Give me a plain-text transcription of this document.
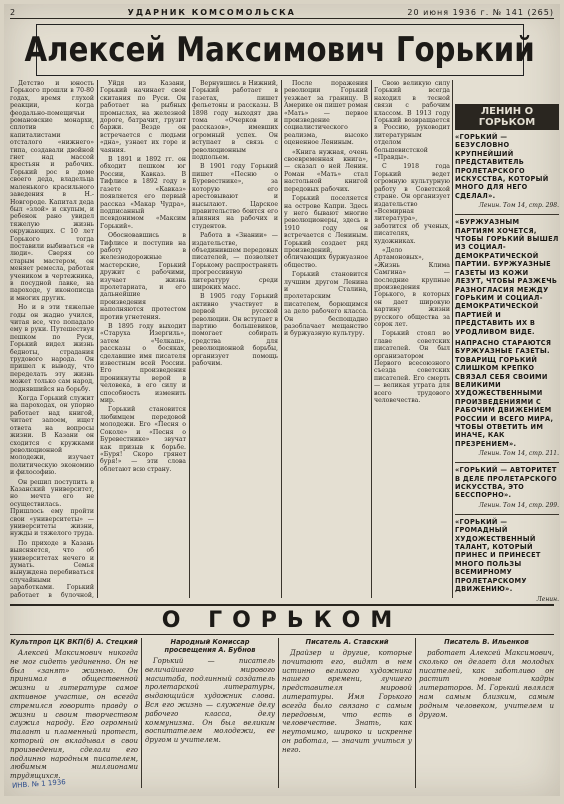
2	УДАРНИК КОМСОМОЛЬСКА	20 июня 1936 г. № 141 (265)
Алексей Максимович Горький

Детство и юность Горького прошли в 70-80 годах, время глухой реакции, когда феодально-помещичьи романовские монархи, сплотив с капиталистами отсталого «нижнего» типа, создавали двойной гнет над массой крестьян и рабочих. Горький рос в доме своего деда, владельца маленького красильного заведения в Н.-Новгороде. Капитал деда был «злой» и скупым, и ребенок рано увидел тяжелую жизнь окружающих. С 10 лет Горького тогда поставили выбиваться «в люди». Сверяя со старым мастером, он меняет ремесла, работая учеником в чертежника, в посудной лавке, на пароходе, у иконописца и многих других.

Но и в эти тяжелые годы он жадно учился, читая все, что попадало ему в руки. Путешествуя пешком по Руси, Горький видел жизнь бедноты, страдания трудового народа. Он пришел к выводу, что переделать эту жизнь может только сам народ, поднявшийся на борьбу.

Когда Горький служит на пароходах, он упорно работает над книгой, читает запоем, ищет ответа на вопросы жизни. В Казани он сходится с кружками революционной молодежи, изучает политическую экономию и философию.

Он решил поступить в Казанский университет, но мечта его не осуществилась. Пришлось ему пройти свои «университеты» — университеты жизни, нужды и тяжелого труда.

По приходе в Казань выясняется, что об университетах нечего и думать. Семья вынуждена перебиваться случайными заработками. Горький работает в булочной,

Уйдя из Казани, Горький начинает свои скитания по Руси. Он работает на рыбных промыслах, на железной дороге, батрачит, грузит баржи. Везде он встречается с людьми «дна», узнает их горе и чаяния.

В 1891 и 1892 гг. он обходит пешком юг России, Кавказ. В Тифлисе в 1892 году в газете «Кавказ» появляется его первый рассказ «Макар Чудра», подписанный псевдонимом «Максим Горький».

Обосновавшись в Тифлисе и поступив на работу в железнодорожные мастерские, Горький дружит с рабочими, изучает жизнь пролетариата, и его дальнейшие произведения наполняются протестом против угнетения.

В 1895 году выходит «Старуха Изергиль», затем «Челкаш», рассказы о босяках, сделавшие имя писателя известным всей России. Его произведения проникнуты верой в человека, в его силу и способность изменить мир.

Горький становится любимцем передовой молодежи. Его «Песня о Соколе» и «Песня о Буревестнике» звучат как призыв к борьбе. «Буря! Скоро грянет буря!» — эти слова облетают всю страну.

Вернувшись в Нижний, Горький работает в газетах, пишет фельетоны и рассказы. В 1898 году выходят два тома «Очерков и рассказов», имевших огромный успех. Он вступает в связь с революционным подпольем.

В 1901 году Горький пишет «Песню о Буревестнике», за которую его арестовывают и высылают. Царское правительство боится его влияния на рабочих и студентов.

Работа в «Знании» — издательстве, объединившем передовых писателей, — позволяет Горькому распространять прогрессивную литературу среди широких масс.

В 1905 году Горький активно участвует в первой русской революции. Он вступает в партию большевиков, помогает собирать средства для революционной борьбы, организует помощь рабочим.

После поражения революции Горький уезжает за границу. В Америке он пишет роман «Мать» — первое произведение социалистического реализма, высоко оцененное Лениным.

«Книга нужная, очень своевременная книга», — сказал о ней Ленин. Роман «Мать» стал настольной книгой передовых рабочих.

Горький поселяется на острове Капри. Здесь у него бывают многие революционеры, здесь в 1910 году он встречается с Лениным. Горький создает ряд произведений, обличающих буржуазное общество.

Горький становится лучшим другом Ленина и Сталина, пролетарским писателем, борющимся за дело рабочего класса. Он беспощадно разоблачает мещанство и буржуазную культуру.

Свою великую силу Горький всегда находил в тесной связи с рабочим классом. В 1913 году Горький возвращается в Россию, руководит литературным отделом большевистской «Правды».

С 1918 года Горький ведет огромную культурную работу в Советской стране. Он организует издательство «Всемирная литература», заботится об ученых, писателях, художниках.

«Дело Артамоновых», «Жизнь Клима Самгина» — последние крупные произведения Горького, в которых он дает широкую картину жизни русского общества за сорок лет.

Горький стоял во главе советских писателей. Он был организатором Первого всесоюзного съезда советских писателей. Его смерть — великая утрата для всего трудового человечества.

ЛЕНИН О ГОРЬКОМ
«ГОРЬКИЙ — БЕЗУСЛОВНО КРУПНЕЙШИЙ ПРЕДСТАВИТЕЛЬ ПРОЛЕТАРСКОГО ИСКУССТВА, КОТОРЫЙ МНОГО ДЛЯ НЕГО СДЕЛАЛ».
Ленин. Том 14, стр. 298.
«БУРЖУАЗНЫМ ПАРТИЯМ ХОЧЕТСЯ, ЧТОБЫ ГОРЬКИЙ ВЫШЕЛ ИЗ СОЦИАЛ-ДЕМОКРАТИЧЕСКОЙ ПАРТИИ. БУРЖУАЗНЫЕ ГАЗЕТЫ ИЗ КОЖИ ЛЕЗУТ, ЧТОБЫ РАЗЖЕЧЬ РАЗНОГЛАСИЯ МЕЖДУ ГОРЬКИМ И СОЦИАЛ-ДЕМОКРАТИЧЕСКОЙ ПАРТИЕЙ И ПРЕДСТАВИТЬ ИХ В УРОДЛИВОМ ВИДЕ.
НАПРАСНО СТАРАЮТСЯ БУРЖУАЗНЫЕ ГАЗЕТЫ. ТОВАРИЩ ГОРЬКИЙ СЛИШКОМ КРЕПКО СВЯЗАЛ СЕБЯ СВОИМИ ВЕЛИКИМИ ХУДОЖЕСТВЕННЫМИ ПРОИЗВЕДЕНИЯМИ С РАБОЧИМ ДВИЖЕНИЕМ РОССИИ И ВСЕГО МИРА, ЧТОБЫ ОТВЕТИТЬ ИМ ИНАЧЕ, КАК ПРЕЗРЕНИЕМ».
Ленин. Том 14, стр. 211.
«ГОРЬКИЙ — АВТОРИТЕТ В ДЕЛЕ ПРОЛЕТАРСКОГО ИСКУССТВА, ЭТО БЕССПОРНО».
Ленин. Том 14, стр. 299.
«ГОРЬКИЙ — ГРОМАДНЫЙ ХУДОЖЕСТВЕННЫЙ ТАЛАНТ, КОТОРЫЙ ПРИНЕС И ПРИНЕСЕТ МНОГО ПОЛЬЗЫ ВСЕМИРНОМУ ПРОЛЕТАРСКОМУ ДВИЖЕНИЮ».
Ленин.
О ГОРЬКОМ
Культпроп ЦК ВКП(б) А. Стецкий

Алексей Максимович никогда не мог сидеть уединенно. Он не был «занят» жизнью. Он принимал в общественной жизни и литературе самое активное участие, он всегда стремился говорить правду о жизни и своим творчеством служил народу. Его огромный талант и пламенный протест, который он вкладывал в свои произведения, сделали его подлинно народным писателем, любимым миллионами трудящихся.

Народный Комиссар просвещения А. Бубнов

Горький — писатель величайшего мирового масштаба, подлинный создатель пролетарской литературы, выдающийся художник слова. Вся его жизнь — служение делу рабочего класса, делу коммунизма. Он был великим воспитателем молодежи, ее другом и учителем.

Писатель А. Ставский

Драйзер и другие, которые почитают его, видят в нем истинно великого художника нашего времени, лучшего представителя мировой литературы. Имя Горького всегда было связано с самым передовым, что есть в человечестве. Знать, как неутомимо, широко и искренне он работал, — значит учиться у него.

Писатель В. Ильенков

работает Алексей Максимович, сколько он делает для молодых писателей, как заботливо он растит новые кадры литераторов. М. Горький являлся нам самым близким, самым родным человеком, учителем и другом.

ИНВ. № 1 1936
